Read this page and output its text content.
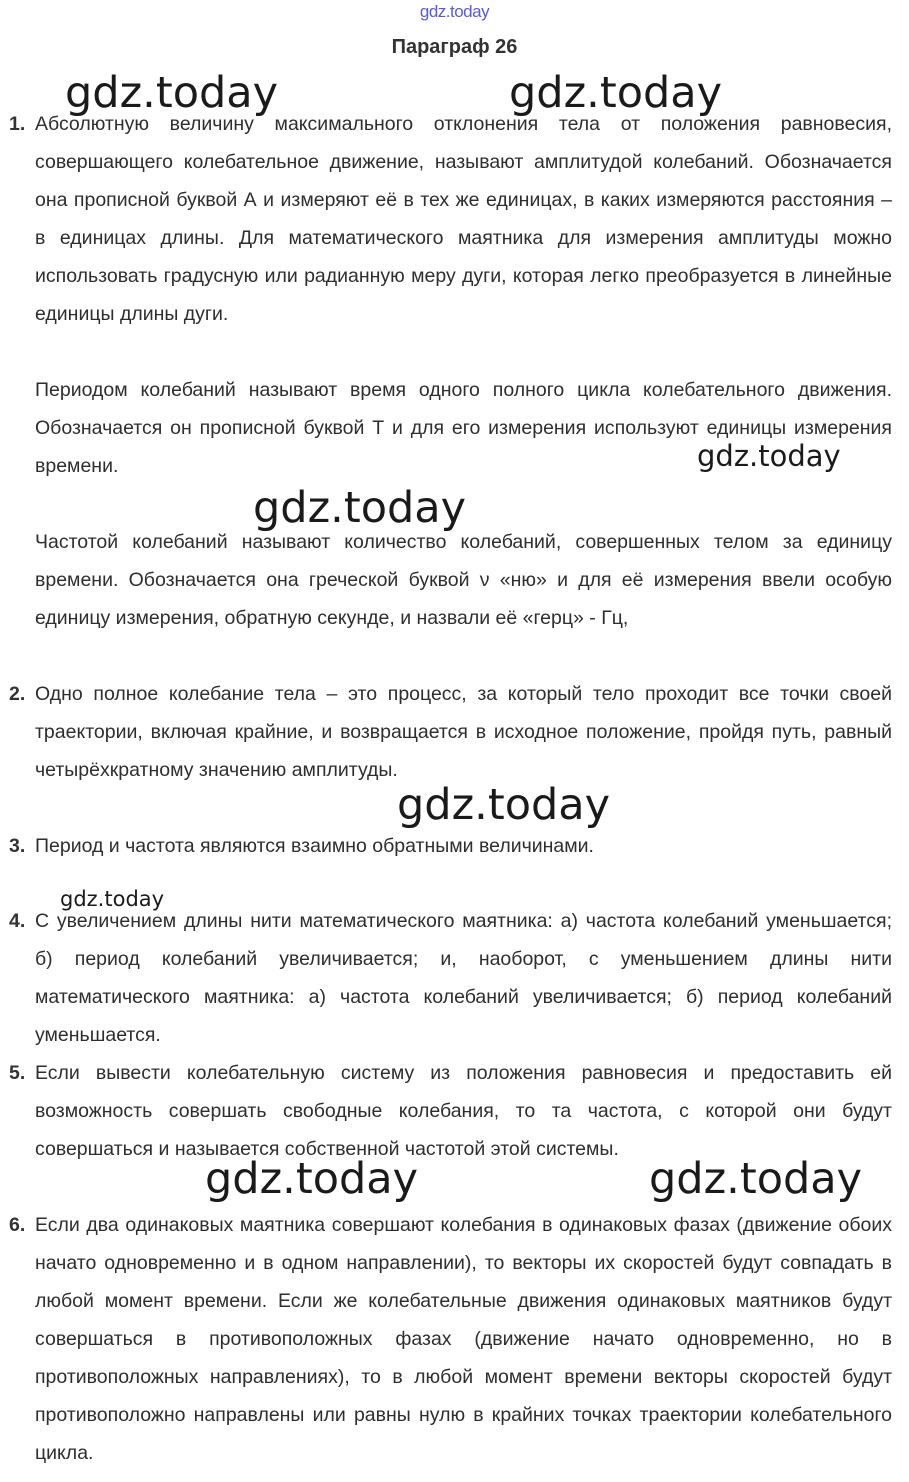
gdz.today
Параграф 26
1. Абсолютную величину максимального отклонения тела от положения равновесия, совершающего колебательное движение, называют амплитудой колебаний. Обозначается она прописной буквой А и измеряют её в тех же единицах, в каких измеряются расстояния – в единицах длины. Для математического маятника для измерения амплитуды можно использовать градусную или радианную меру дуги, которая легко преобразуется в линейные единицы длины дуги.
Периодом колебаний называют время одного полного цикла колебательного движения. Обозначается он прописной буквой Т и для его измерения используют единицы измерения времени.
Частотой колебаний называют количество колебаний, совершенных телом за единицу времени. Обозначается она греческой буквой ν «ню» и для её измерения ввели особую единицу измерения, обратную секунде, и назвали её «герц» - Гц,
2. Одно полное колебание тела – это процесс, за который тело проходит все точки своей траектории, включая крайние, и возвращается в исходное положение, пройдя путь, равный четырёхкратному значению амплитуды.
3. Период и частота являются взаимно обратными величинами.
4. С увеличением длины нити математического маятника: а) частота колебаний уменьшается; б) период колебаний увеличивается; и, наоборот, с уменьшением длины нити математического маятника: а) частота колебаний увеличивается; б) период колебаний уменьшается.
5. Если вывести колебательную систему из положения равновесия и предоставить ей возможность совершать свободные колебания, то та частота, с которой они будут совершаться и называется собственной частотой этой системы.
6. Если два одинаковых маятника совершают колебания в одинаковых фазах (движение обоих начато одновременно и в одном направлении), то векторы их скоростей будут совпадать в любой момент времени. Если же колебательные движения одинаковых маятников будут совершаться в противоположных фазах (движение начато одновременно, но в противоположных направлениях), то в любой момент времени векторы скоростей будут противоположно направлены или равны нулю в крайних точках траектории колебательного цикла.
gdz.today	gdz.today
gdz.today
gdz.today
gdz.today
gdz.today
gdz.today	gdz.today
